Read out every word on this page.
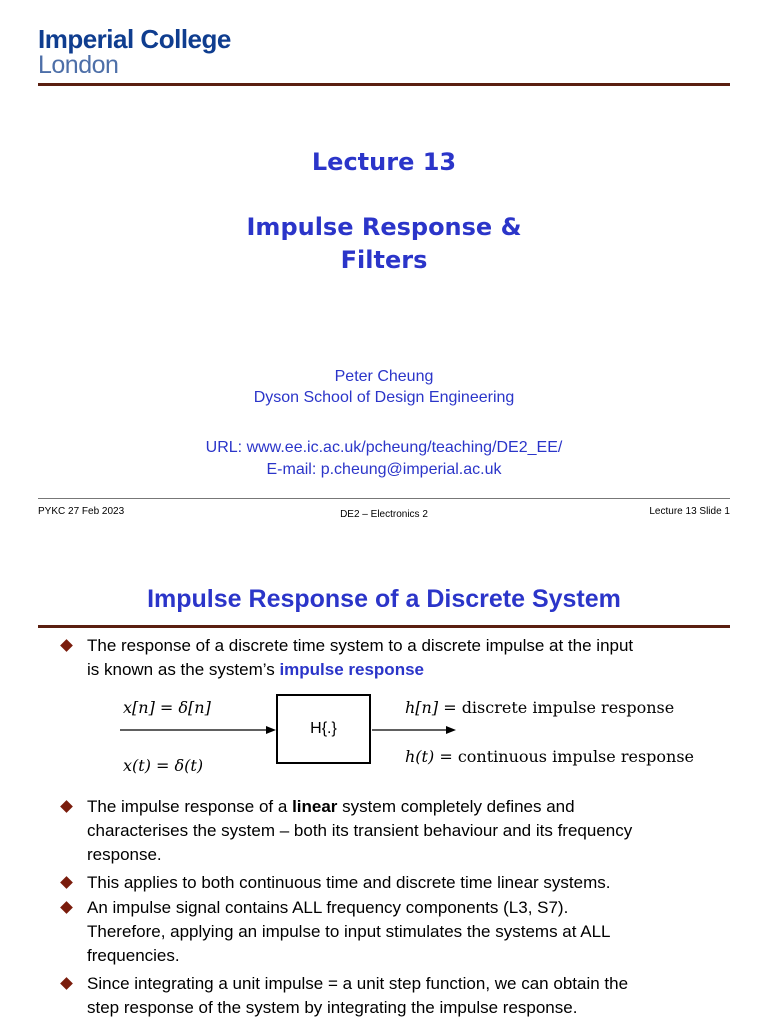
Imperial College
London
Lecture 13
Impulse Response &
Filters
Peter Cheung
Dyson School of Design Engineering
URL: www.ee.ic.ac.uk/pcheung/teaching/DE2_EE/
E-mail: p.cheung@imperial.ac.uk
PYKC 27 Feb 2023	DE2 – Electronics 2	Lecture 13 Slide 1
Impulse Response of a Discrete System
The response of a discrete time system to a discrete impulse at the input
is known as the system’s impulse response
x[n] = δ[n]
x(t) = δ(t)
H{.}
h[n] = discrete impulse response
h(t) = continuous impulse response
The impulse response of a linear system completely defines and
characterises the system – both its transient behaviour and its frequency
response.
This applies to both continuous time and discrete time linear systems.
An impulse signal contains ALL frequency components (L3, S7).
Therefore, applying an impulse to input stimulates the systems at ALL
frequencies.
Since integrating a unit impulse = a unit step function, we can obtain the
step response of the system by integrating the impulse response.
